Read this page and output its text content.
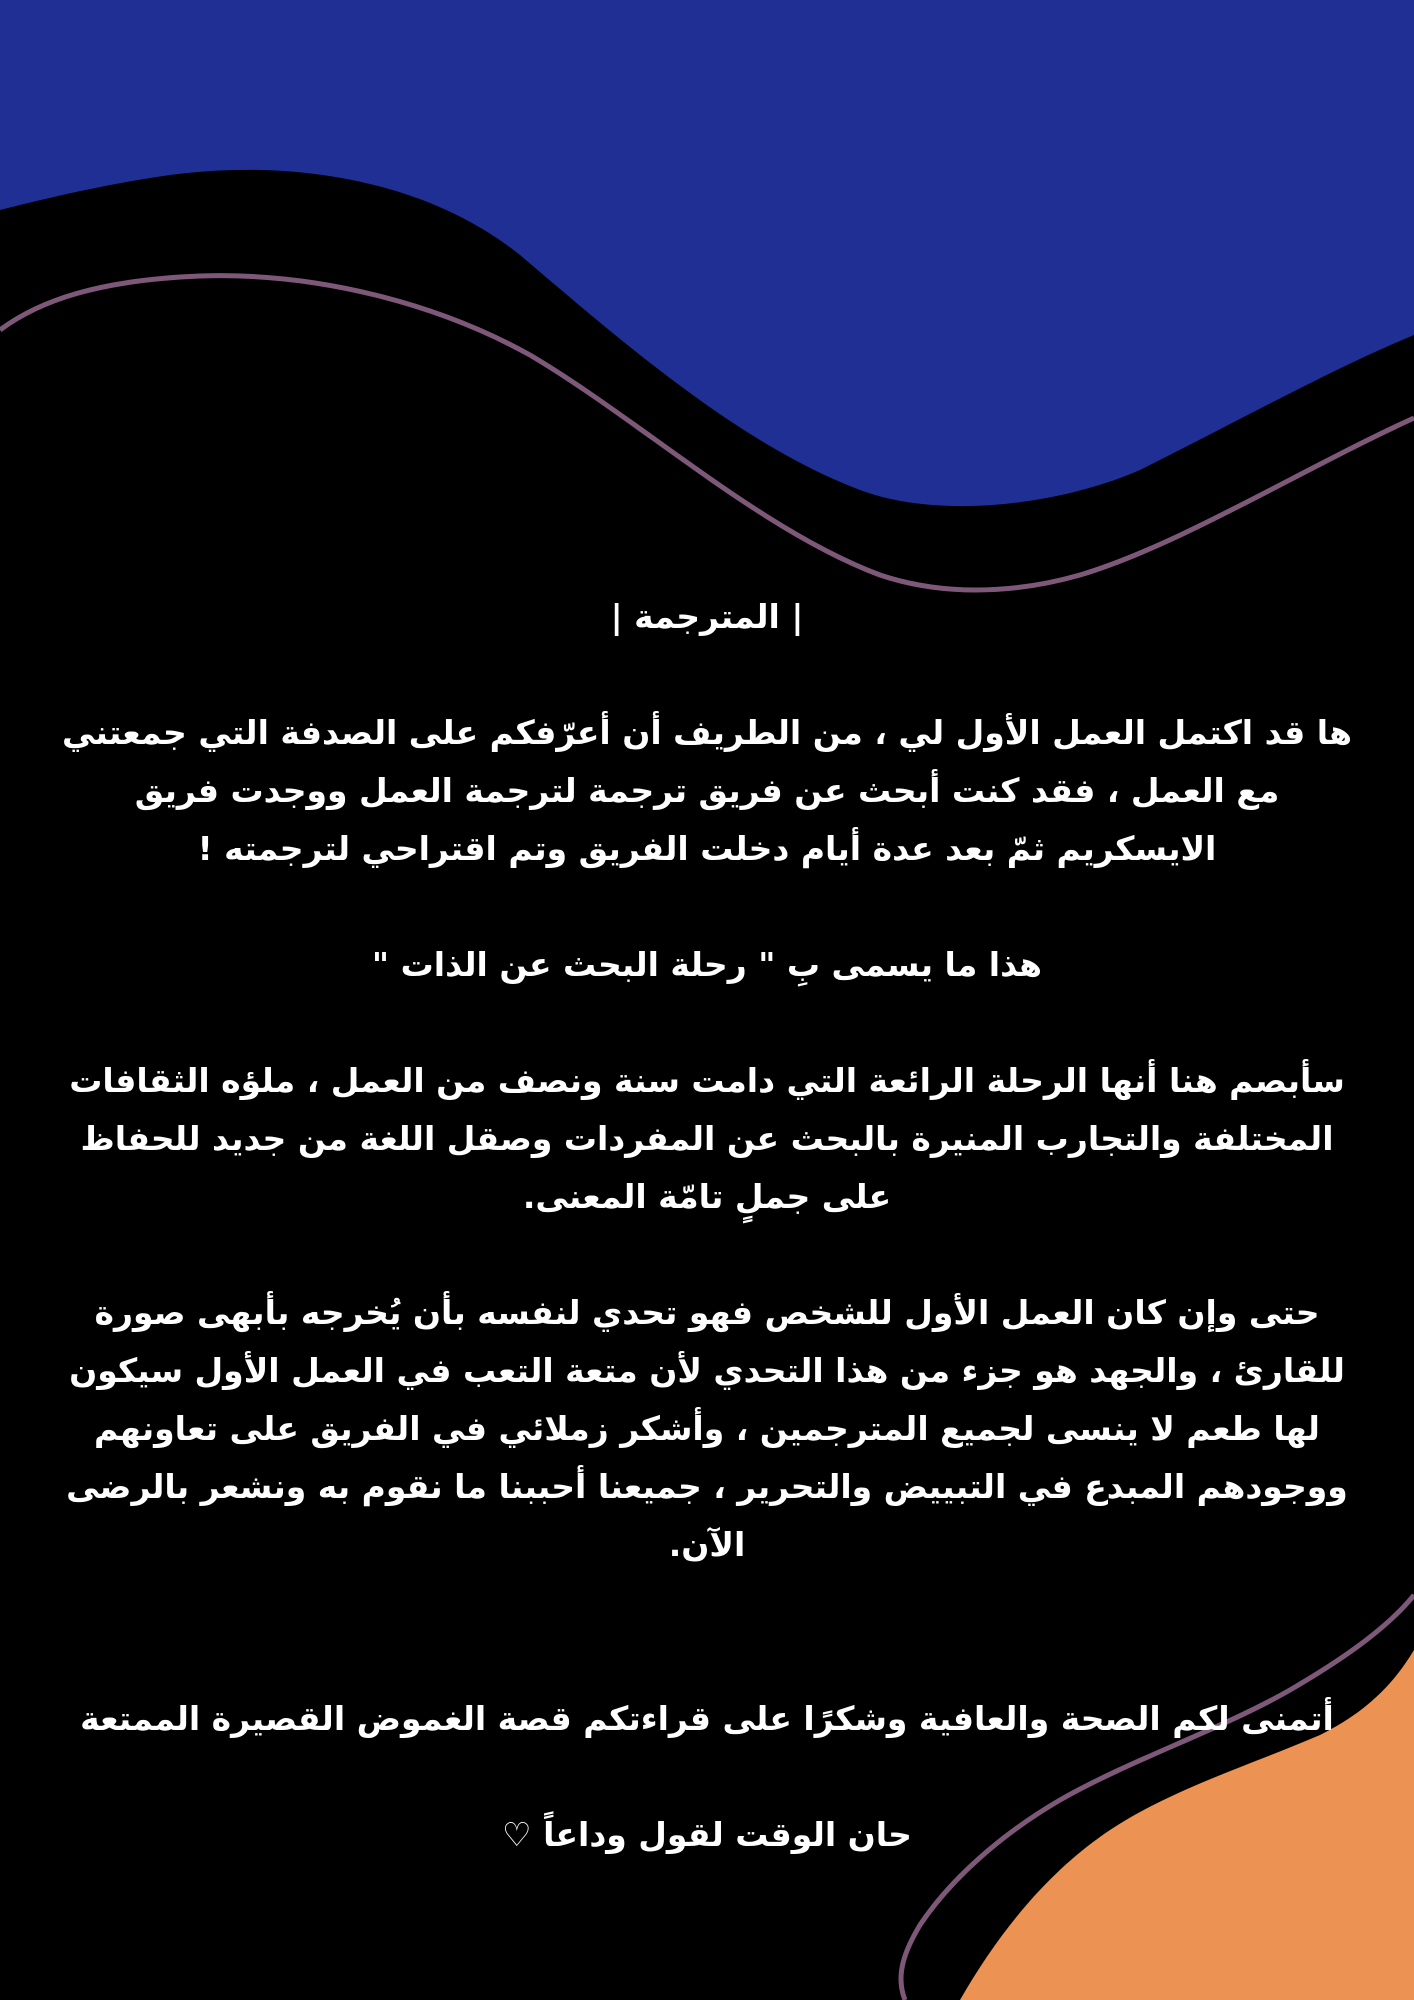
| المترجمة |

ها قد اكتمل العمل الأول لي ، من الطريف أن أعرّفكم على الصدفة التي جمعتني مع العمل ، فقد كنت أبحث عن فريق ترجمة لترجمة العمل ووجدت فريق الايسكريم ثمّ بعد عدة أيام دخلت الفريق وتم اقتراحي لترجمته !

هذا ما يسمى بِ " رحلة البحث عن الذات "

سأبصم هنا أنها الرحلة الرائعة التي دامت سنة ونصف من العمل ، ملؤه الثقافات المختلفة والتجارب المنيرة بالبحث عن المفردات وصقل اللغة من جديد للحفاظ على جملٍ تامّة المعنى.

حتى وإن كان العمل الأول للشخص فهو تحدي لنفسه بأن يُخرجه بأبهى صورة للقارئ ، والجهد هو جزء من هذا التحدي لأن متعة التعب في العمل الأول سيكون لها طعم لا ينسى لجميع المترجمين ، وأشكر زملائي في الفريق على تعاونهم ووجودهم المبدع في التبييض والتحرير ، جميعنا أحببنا ما نقوم به ونشعر بالرضى الآن.

أتمنى لكم الصحة والعافية وشكرًا على قراءتكم قصة الغموض القصيرة الممتعة

حان الوقت لقول وداعاً ♡
